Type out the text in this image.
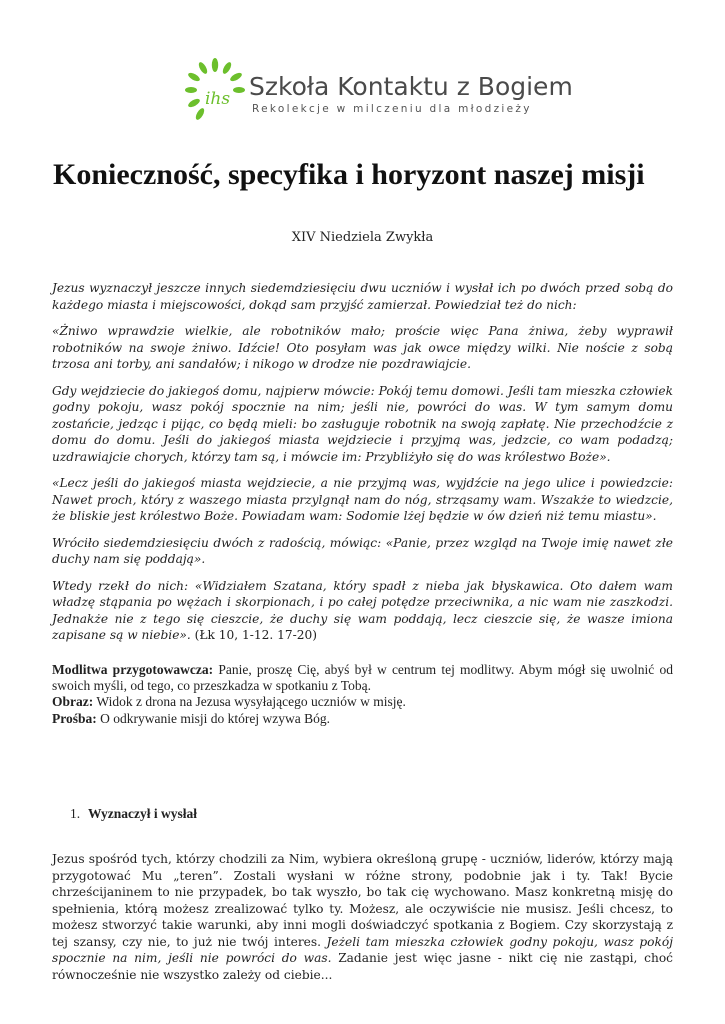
ihs Szkoła Kontaktu z Bogiem
Rekolekcje w milczeniu dla młodzieży
Konieczność, specyfika i horyzont naszej misji
XIV Niedziela Zwykła

Jezus wyznaczył jeszcze innych siedemdziesięciu dwu uczniów i wysłał ich po dwóch przed sobą do każdego miasta i miejscowości, dokąd sam przyjść zamierzał. Powiedział też do nich:

«Żniwo wprawdzie wielkie, ale robotników mało; proście więc Pana żniwa, żeby wyprawił robotników na swoje żniwo. Idźcie! Oto posyłam was jak owce między wilki. Nie noście z sobą trzosa ani torby, ani sandałów; i nikogo w drodze nie pozdrawiajcie.

Gdy wejdziecie do jakiegoś domu, najpierw mówcie: Pokój temu domowi. Jeśli tam mieszka człowiek godny pokoju, wasz pokój spocznie na nim; jeśli nie, powróci do was. W tym samym domu zostańcie, jedząc i pijąc, co będą mieli: bo zasługuje robotnik na swoją zapłatę. Nie przechodźcie z domu do domu. Jeśli do jakiegoś miasta wejdziecie i przyjmą was, jedzcie, co wam podadzą; uzdrawiajcie chorych, którzy tam są, i mówcie im: Przybliżyło się do was królestwo Boże».

«Lecz jeśli do jakiegoś miasta wejdziecie, a nie przyjmą was, wyjdźcie na jego ulice i powiedzcie: Nawet proch, który z waszego miasta przylgnął nam do nóg, strząsamy wam. Wszakże to wiedzcie, że bliskie jest królestwo Boże. Powiadam wam: Sodomie lżej będzie w ów dzień niż temu miastu».

Wróciło siedemdziesięciu dwóch z radością, mówiąc: «Panie, przez wzgląd na Twoje imię nawet złe duchy nam się poddają».

Wtedy rzekł do nich: «Widziałem Szatana, który spadł z nieba jak błyskawica. Oto dałem wam władzę stąpania po wężach i skorpionach, i po całej potędze przeciwnika, a nic wam nie zaszkodzi. Jednakże nie z tego się cieszcie, że duchy się wam poddają, lecz cieszcie się, że wasze imiona zapisane są w niebie». (Łk 10, 1-12. 17-20)

Modlitwa przygotowawcza: Panie, proszę Cię, abyś był w centrum tej modlitwy. Abym mógł się uwolnić od swoich myśli, od tego, co przeszkadza w spotkaniu z Tobą.
Obraz: Widok z drona na Jezusa wysyłającego uczniów w misję.
Prośba: O odkrywanie misji do której wzywa Bóg.
1. Wyznaczył i wysłał
Jezus spośród tych, którzy chodzili za Nim, wybiera określoną grupę - uczniów, liderów, którzy mają przygotować Mu „teren”. Zostali wysłani w różne strony, podobnie jak i ty. Tak! Bycie chrześcijaninem to nie przypadek, bo tak wyszło, bo tak cię wychowano. Masz konkretną misję do spełnienia, którą możesz zrealizować tylko ty. Możesz, ale oczywiście nie musisz. Jeśli chcesz, to możesz stworzyć takie warunki, aby inni mogli doświadczyć spotkania z Bogiem. Czy skorzystają z tej szansy, czy nie, to już nie twój interes. Jeżeli tam mieszka człowiek godny pokoju, wasz pokój spocznie na nim, jeśli nie powróci do was. Zadanie jest więc jasne - nikt cię nie zastąpi, choć równocześnie nie wszystko zależy od ciebie...
